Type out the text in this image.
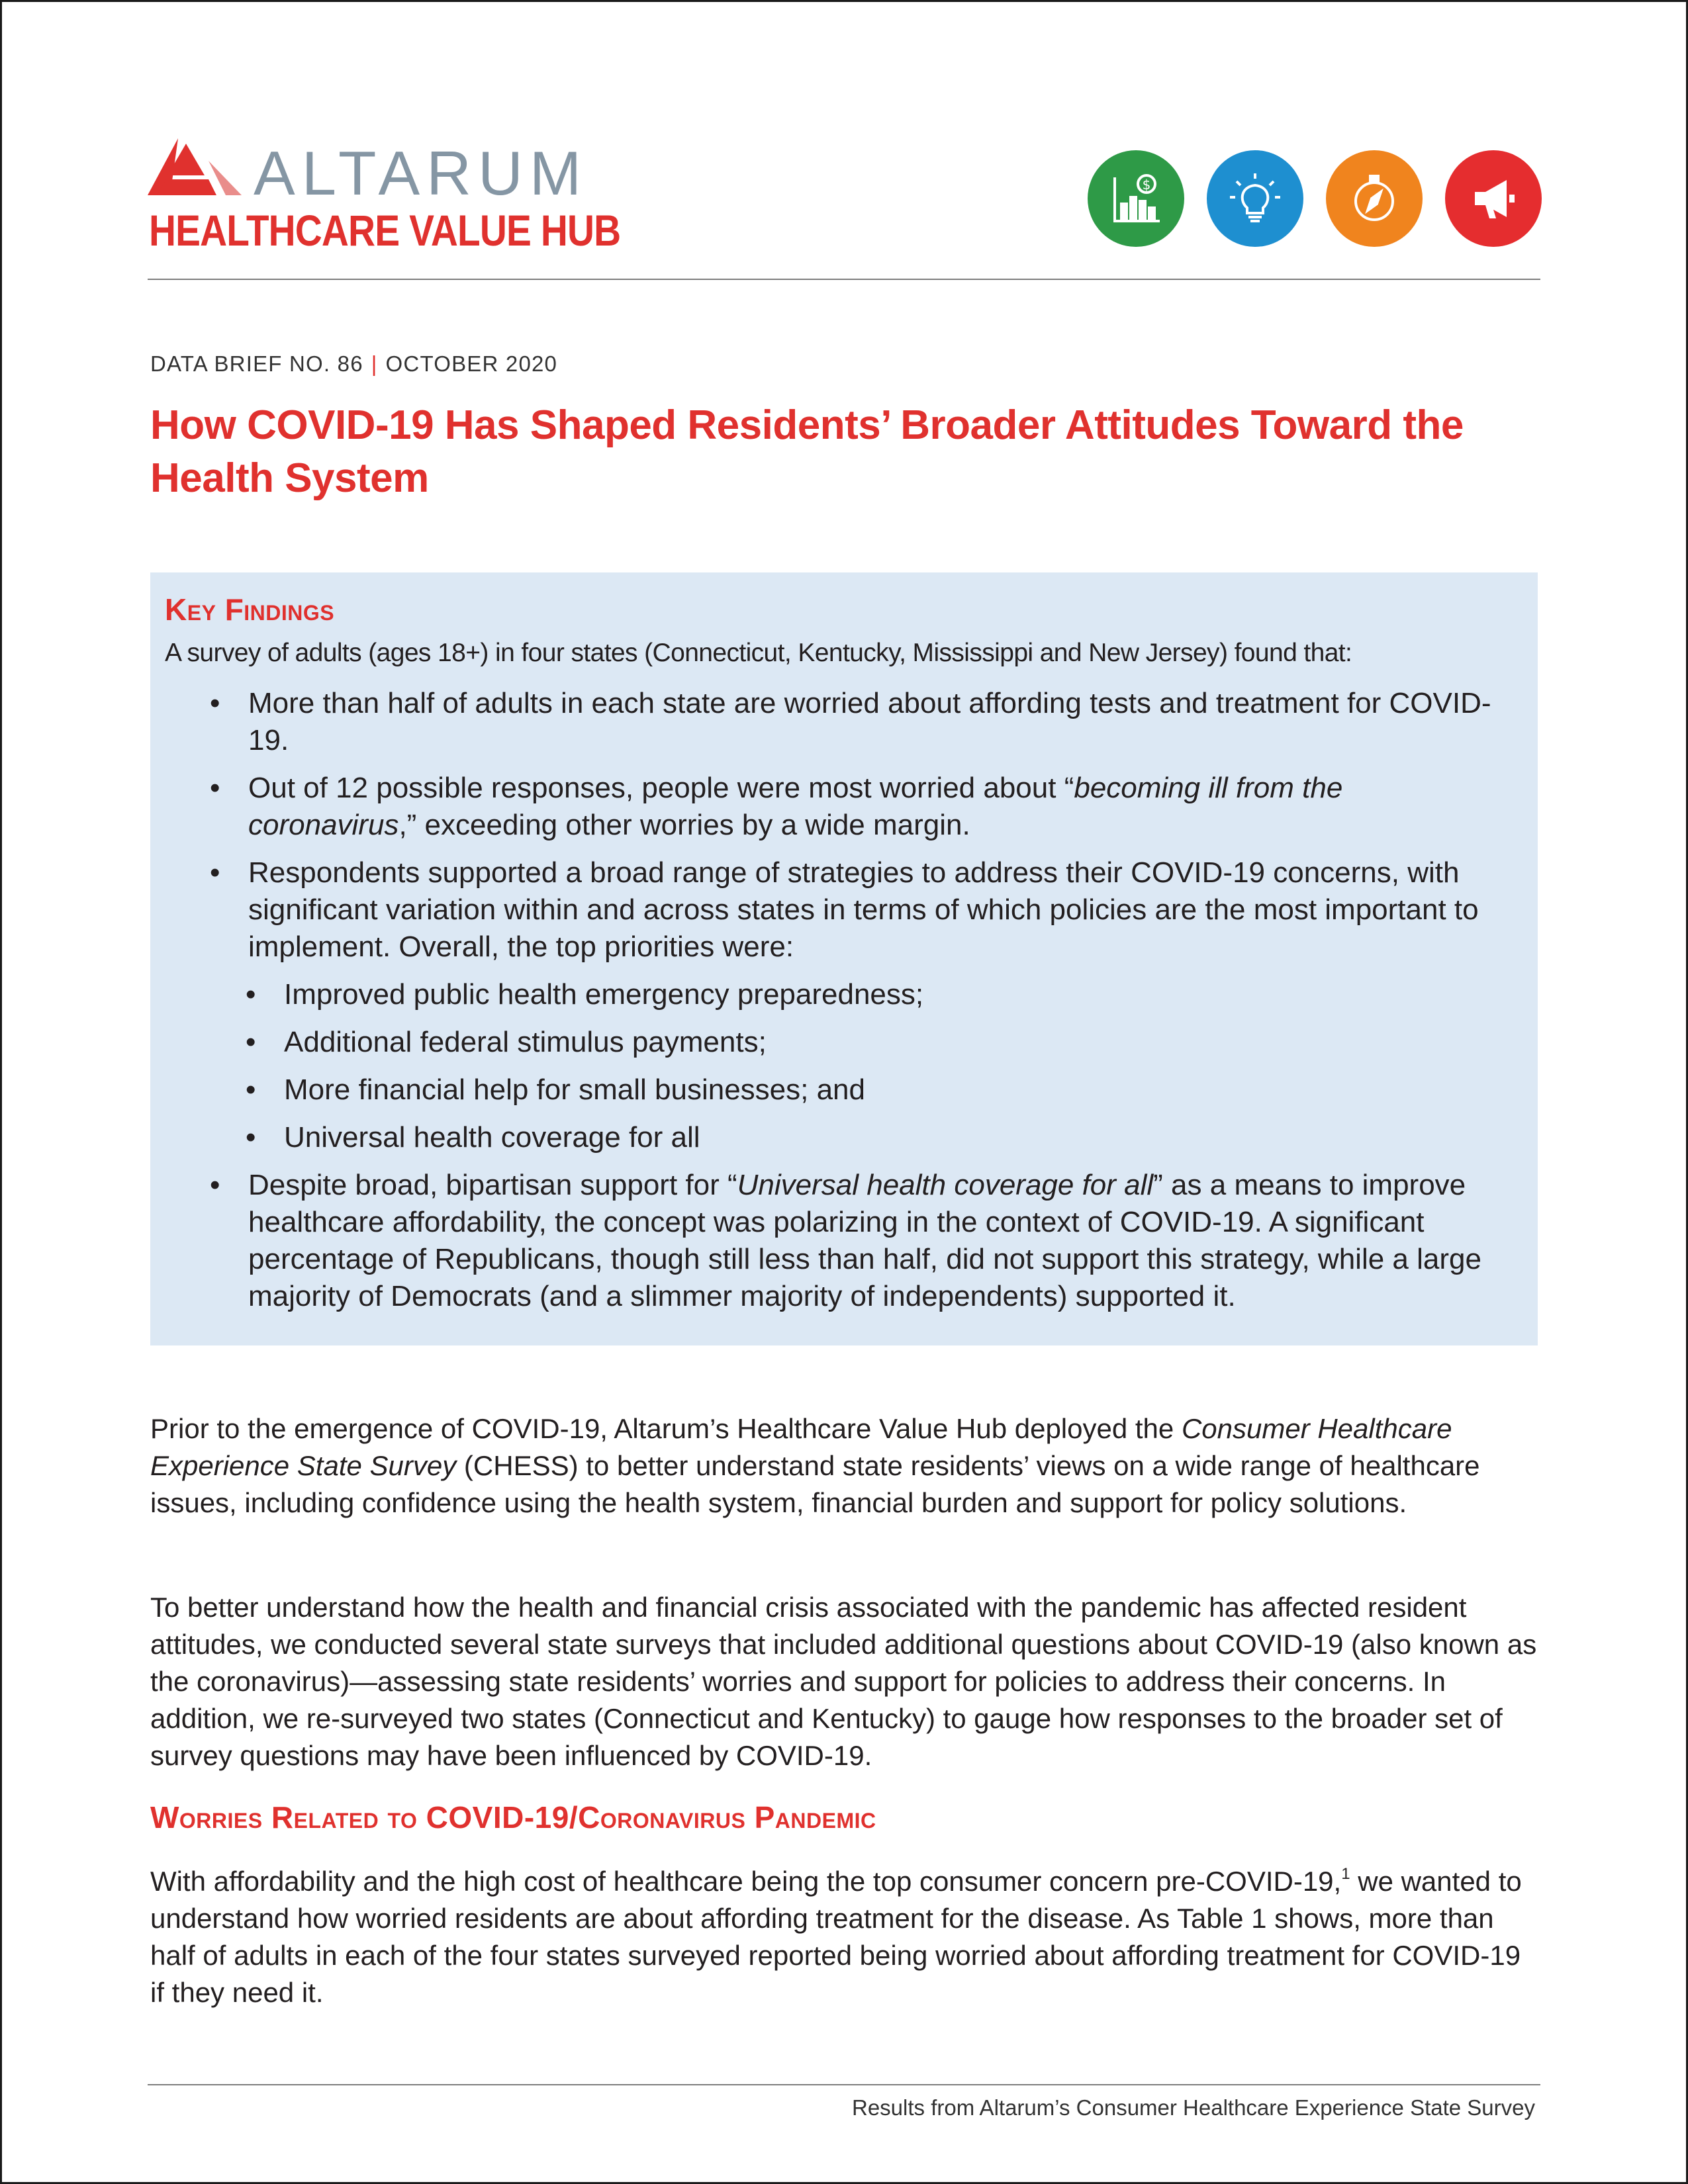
ALTARUM
HEALTHCARE VALUE HUB
$
DATA BRIEF NO. 86 | OCTOBER 2020
How COVID-19 Has Shaped Residents’ Broader Attitudes Toward the Health System
Key Findings
A survey of adults (ages 18+) in four states (Connecticut, Kentucky, Mississippi and New Jersey) found that:
• More than half of adults in each state are worried about affording tests and treatment for COVID-19.
• Out of 12 possible responses, people were most worried about “becoming ill from the coronavirus,” exceeding other worries by a wide margin.
• Respondents supported a broad range of strategies to address their COVID-19 concerns, with significant variation within and across states in terms of which policies are the most important to implement. Overall, the top priorities were:
• Improved public health emergency preparedness;
• Additional federal stimulus payments;
• More financial help for small businesses; and
• Universal health coverage for all
• Despite broad, bipartisan support for “Universal health coverage for all” as a means to improve healthcare affordability, the concept was polarizing in the context of COVID-19. A significant percentage of Republicans, though still less than half, did not support this strategy, while a large majority of Democrats (and a slimmer majority of independents) supported it.

Prior to the emergence of COVID-19, Altarum’s Healthcare Value Hub deployed the Consumer Healthcare Experience State Survey (CHESS) to better understand state residents’ views on a wide range of healthcare issues, including confidence using the health system, financial burden and support for policy solutions.

To better understand how the health and financial crisis associated with the pandemic has affected resident attitudes, we conducted several state surveys that included additional questions about COVID-19 (also known as the coronavirus)—assessing state residents’ worries and support for policies to address their concerns. In addition, we re-surveyed two states (Connecticut and Kentucky) to gauge how responses to the broader set of survey questions may have been influenced by COVID-19.

Worries Related to COVID-19/Coronavirus Pandemic

With affordability and the high cost of healthcare being the top consumer concern pre-COVID-19,$^1$ we wanted to understand how worried residents are about affording treatment for the disease. As Table 1 shows, more than half of adults in each of the four states surveyed reported being worried about affording treatment for COVID-19 if they need it.

Results from Altarum’s Consumer Healthcare Experience State Survey
